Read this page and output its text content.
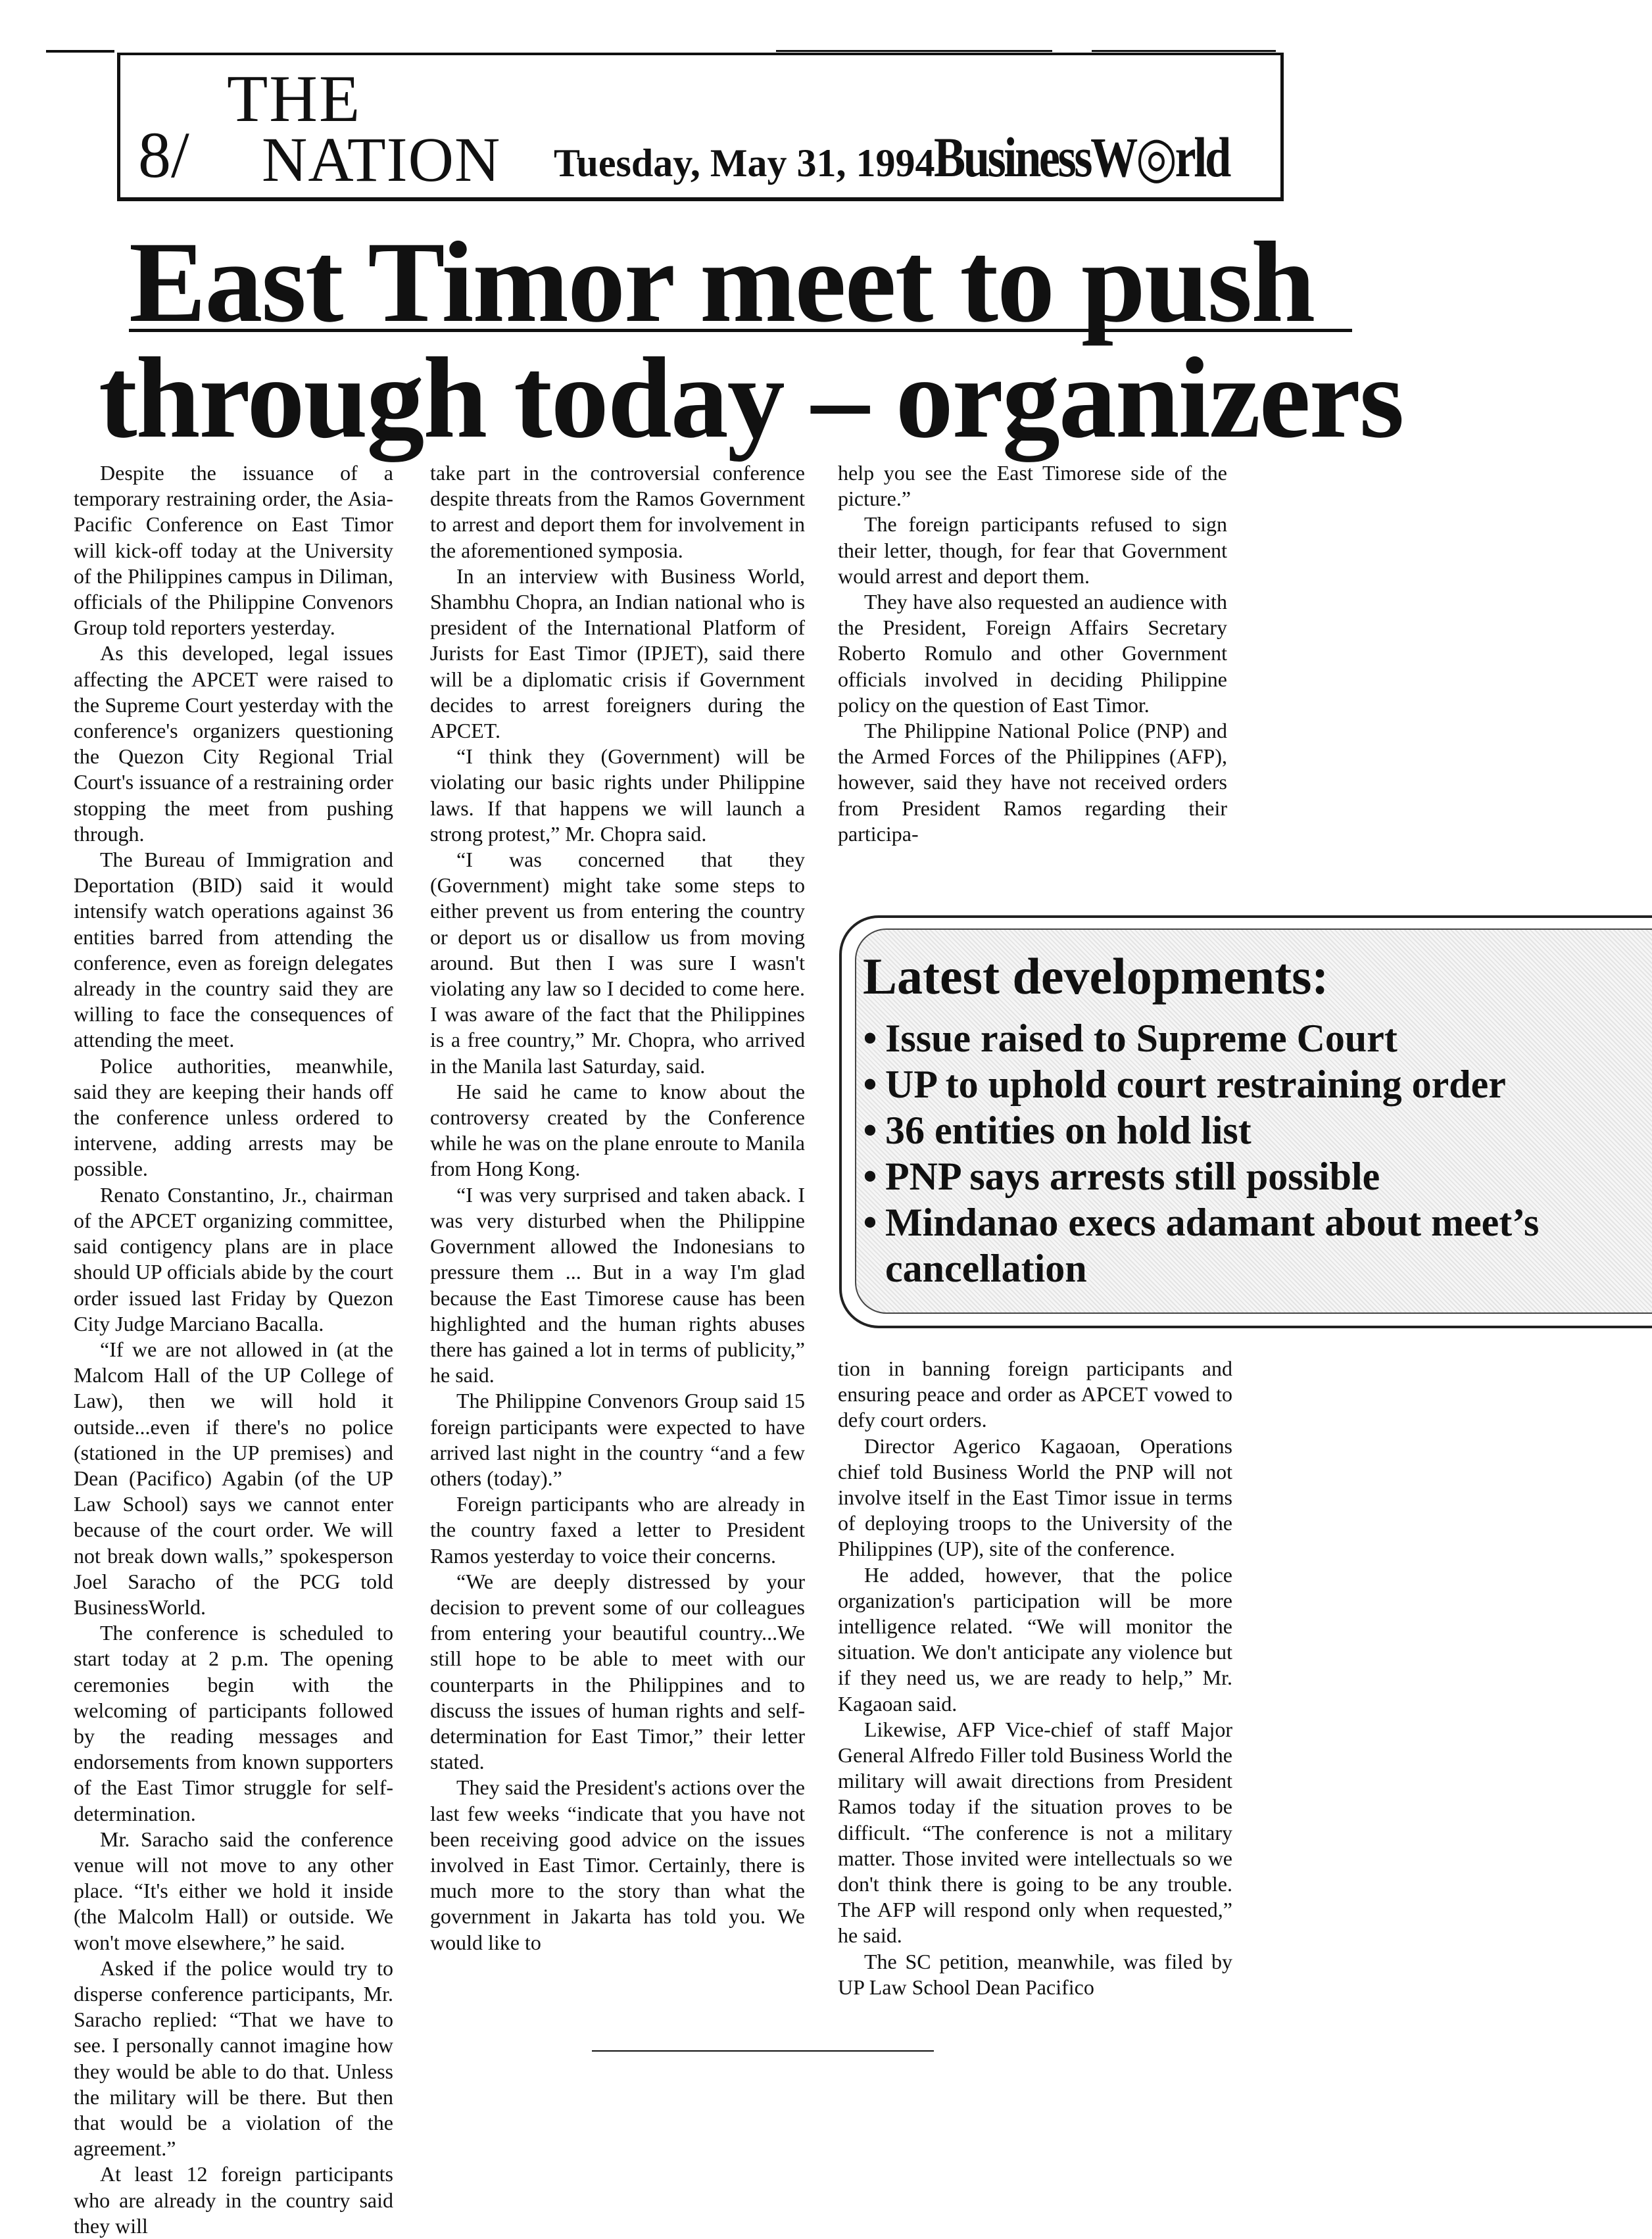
THE
8/ NATION Tuesday, May 31, 1994
BusinessW◎rld
East Timor meet to push
through today – organizers

Despite the issuance of a temporary restraining order, the Asia-Pacific Conference on East Timor will kick-off today at the University of the Philippines campus in Diliman, officials of the Philippine Convenors Group told reporters yesterday.

As this developed, legal issues affecting the APCET were raised to the Supreme Court yesterday with the conference's organizers questioning the Quezon City Regional Trial Court's issuance of a restraining order stopping the meet from pushing through.

The Bureau of Immigration and Deportation (BID) said it would intensify watch operations against 36 entities barred from attending the conference, even as foreign delegates already in the country said they are willing to face the consequences of attending the meet.

Police authorities, meanwhile, said they are keeping their hands off the conference unless ordered to intervene, adding arrests may be possible.

Renato Constantino, Jr., chairman of the APCET organizing committee, said contigency plans are in place should UP officials abide by the court order issued last Friday by Quezon City Judge Marciano Bacalla.

“If we are not allowed in (at the Malcom Hall of the UP College of Law), then we will hold it outside...even if there's no police (stationed in the UP premises) and Dean (Pacifico) Agabin (of the UP Law School) says we cannot enter because of the court order. We will not break down walls,” spokesperson Joel Saracho of the PCG told BusinessWorld.

The conference is scheduled to start today at 2 p.m. The opening ceremonies begin with the welcoming of participants followed by the reading messages and endorsements from known supporters of the East Timor struggle for self-determination.

Mr. Saracho said the conference venue will not move to any other place. “It's either we hold it inside (the Malcolm Hall) or outside. We won't move elsewhere,” he said.

Asked if the police would try to disperse conference participants, Mr. Saracho replied: “That we have to see. I personally cannot imagine how they would be able to do that. Unless the military will be there. But then that would be a violation of the agreement.”

At least 12 foreign participants who are already in the country said they will

take part in the controversial conference despite threats from the Ramos Government to arrest and deport them for involvement in the aforementioned symposia.

In an interview with Business World, Shambhu Chopra, an Indian national who is president of the International Platform of Jurists for East Timor (IPJET), said there will be a diplomatic crisis if Government decides to arrest foreigners during the APCET.

“I think they (Government) will be violating our basic rights under Philippine laws. If that happens we will launch a strong protest,” Mr. Chopra said.

“I was concerned that they (Government) might take some steps to either prevent us from entering the country or deport us or disallow us from moving around. But then I was sure I wasn't violating any law so I decided to come here. I was aware of the fact that the Philippines is a free country,” Mr. Chopra, who arrived in the Manila last Saturday, said.

He said he came to know about the controversy created by the Conference while he was on the plane enroute to Manila from Hong Kong.

“I was very surprised and taken aback. I was very disturbed when the Philippine Government allowed the Indonesians to pressure them ... But in a way I'm glad because the East Timorese cause has been highlighted and the human rights abuses there has gained a lot in terms of publicity,” he said.

The Philippine Convenors Group said 15 foreign participants were expected to have arrived last night in the country “and a few others (today).”

Foreign participants who are already in the country faxed a letter to President Ramos yesterday to voice their concerns.

“We are deeply distressed by your decision to prevent some of our colleagues from entering your beautiful country...We still hope to be able to meet with our counterparts in the Philippines and to discuss the issues of human rights and self-determination for East Timor,” their letter stated.

They said the President's actions over the last few weeks “indicate that you have not been receiving good advice on the issues involved in East Timor. Certainly, there is much more to the story than what the government in Jakarta has told you. We would like to

help you see the East Timorese side of the picture.”

The foreign participants refused to sign their letter, though, for fear that Government would arrest and deport them.

They have also requested an audience with the President, Foreign Affairs Secretary Roberto Romulo and other Government officials involved in deciding Philippine policy on the question of East Timor.

The Philippine National Police (PNP) and the Armed Forces of the Philippines (AFP), however, said they have not received orders from President Ramos regarding their participa-

Latest developments:
• Issue raised to Supreme Court
• UP to uphold court restraining order
• 36 entities on hold list
• PNP says arrests still possible
• Mindanao execs adamant about meet’s
cancellation

tion in banning foreign participants and ensuring peace and order as APCET vowed to defy court orders.

Director Agerico Kagaoan, Operations chief told Business World the PNP will not involve itself in the East Timor issue in terms of deploying troops to the University of the Philippines (UP), site of the conference.

He added, however, that the police organization's participation will be more intelligence related. “We will monitor the situation. We don't anticipate any violence but if they need us, we are ready to help,” Mr. Kagaoan said.

Likewise, AFP Vice-chief of staff Major General Alfredo Filler told Business World the military will await directions from President Ramos today if the situation proves to be difficult. “The conference is not a military matter. Those invited were intellectuals so we don't think there is going to be any trouble. The AFP will respond only when requested,” he said.

The SC petition, meanwhile, was filed by UP Law School Dean Pacifico
